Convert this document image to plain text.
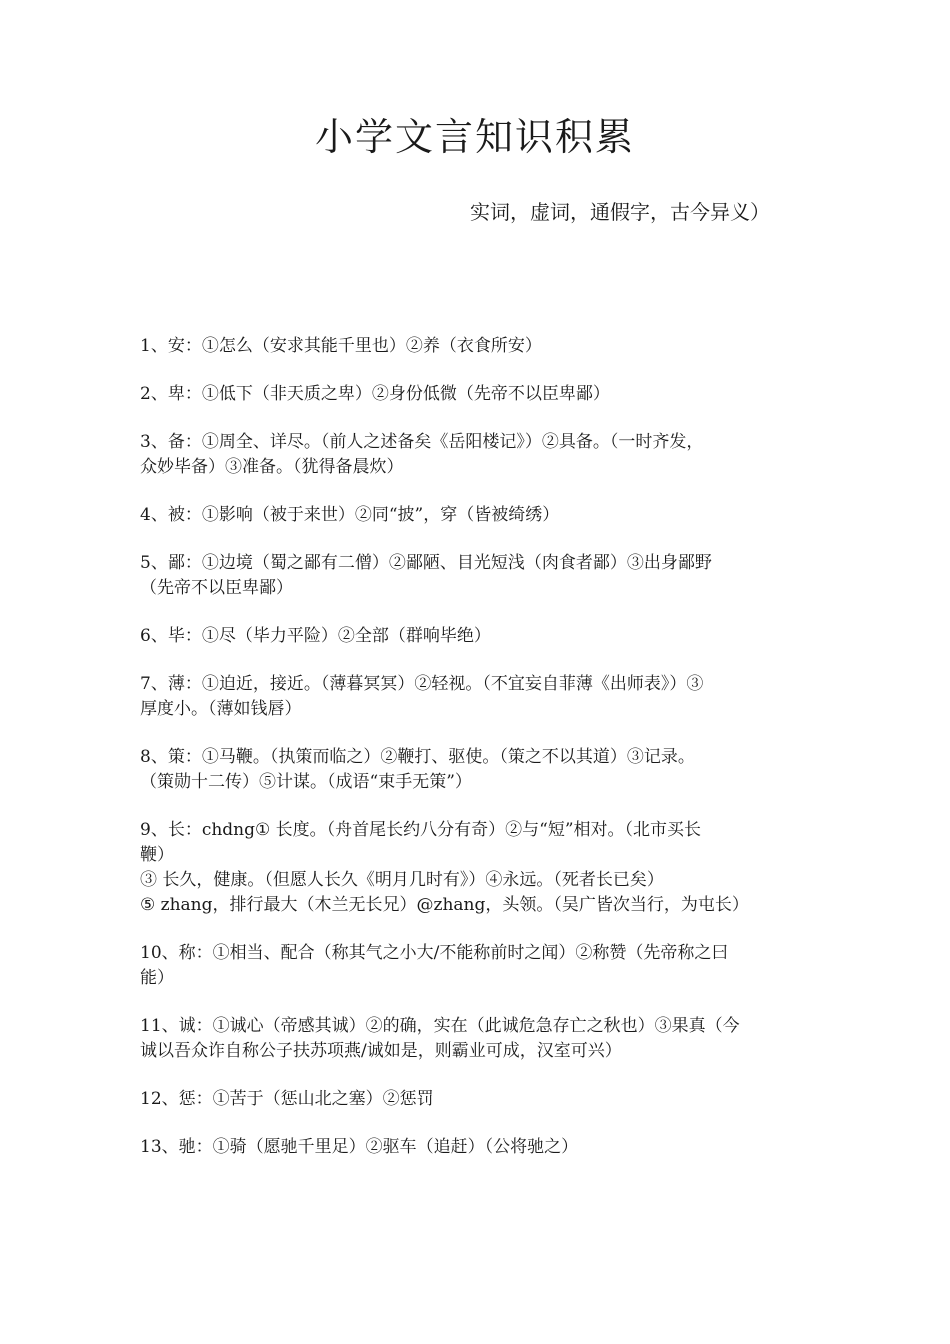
小学文言知识积累

实词，虚词，通假字，古今异义）

1、安：①怎么（安求其能千里也）②养（衣食所安）
2、卑：①低下（非天质之卑）②身份低微（先帝不以臣卑鄙）
3、备：①周全、详尽。（前人之述备矣《岳阳楼记》）②具备。（一时齐发，
众妙毕备）③准备。（犹得备晨炊）
4、被：①影响（被于来世）②同“披”，穿（皆被绮绣）
5、鄙：①边境（蜀之鄙有二僧）②鄙陋、目光短浅（肉食者鄙）③出身鄙野
（先帝不以臣卑鄙）
6、毕：①尽（毕力平险）②全部（群响毕绝）
7、薄：①迫近，接近。（薄暮冥冥）②轻视。（不宜妄自菲薄《出师表》）③
厚度小。（薄如钱唇）
8、策：①马鞭。（执策而临之）②鞭打、驱使。（策之不以其道）③记录。
（策勋十二传）⑤计谋。（成语“束手无策”）
9、长：chdng① 长度。（舟首尾长约八分有奇）②与“短”相对。（北市买长
鞭）
③ 长久，健康。（但愿人长久《明月几时有》）④永远。（死者长已矣）
⑤ zhang，排行最大（木兰无长兄）@zhang，头领。（吴广皆次当行，为屯长）
10、称：①相当、配合（称其气之小大/不能称前时之闻）②称赞（先帝称之曰
能）
11、诚：①诚心（帝感其诚）②的确，实在（此诚危急存亡之秋也）③果真（今
诚以吾众诈自称公子扶苏项燕/诚如是，则霸业可成，汉室可兴）
12、惩：①苦于（惩山北之塞）②惩罚
13、驰：①骑（愿驰千里足）②驱车（追赶）（公将驰之）
